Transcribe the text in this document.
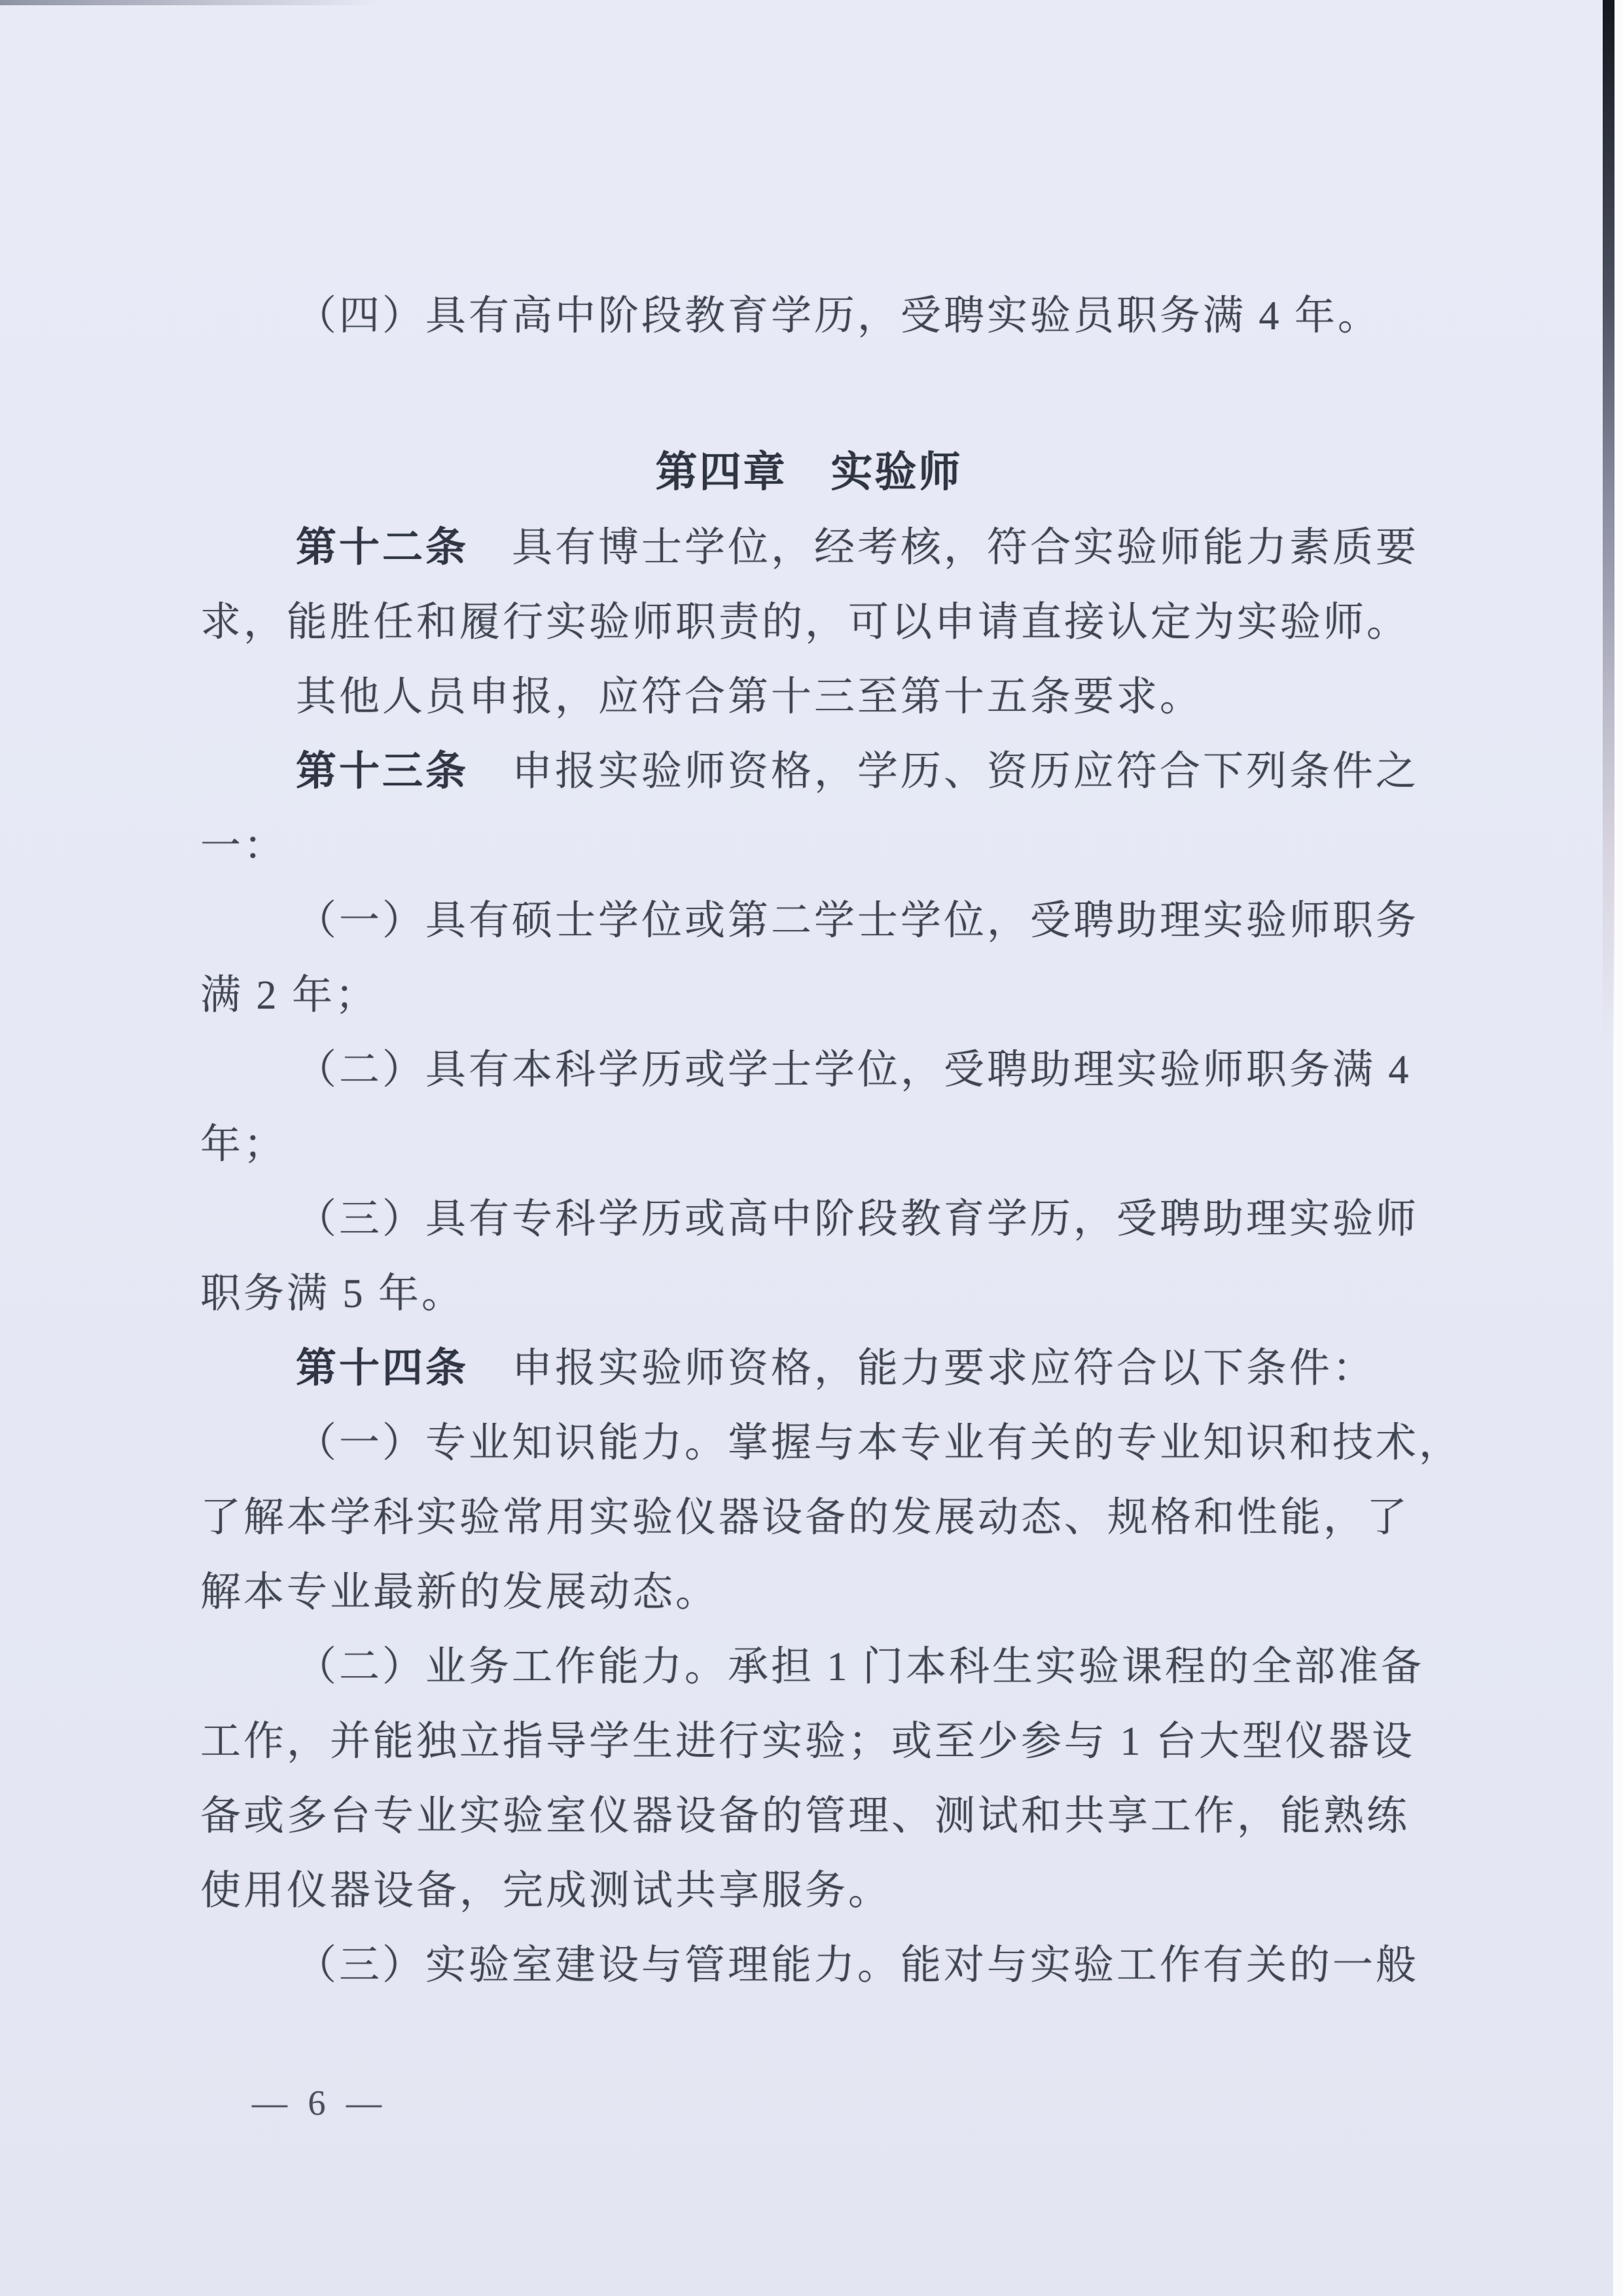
（四）具有高中阶段教育学历，受聘实验员职务满 4 年。
第四章　实验师
第十二条　具有博士学位，经考核，符合实验师能力素质要
求，能胜任和履行实验师职责的，可以申请直接认定为实验师。
其他人员申报，应符合第十三至第十五条要求。
第十三条　申报实验师资格，学历、资历应符合下列条件之
一：
（一）具有硕士学位或第二学士学位，受聘助理实验师职务
满 2 年；
（二）具有本科学历或学士学位，受聘助理实验师职务满 4
年；
（三）具有专科学历或高中阶段教育学历，受聘助理实验师
职务满 5 年。
第十四条　申报实验师资格，能力要求应符合以下条件：
（一）专业知识能力。掌握与本专业有关的专业知识和技术，
了解本学科实验常用实验仪器设备的发展动态、规格和性能，了
解本专业最新的发展动态。
（二）业务工作能力。承担 1 门本科生实验课程的全部准备
工作，并能独立指导学生进行实验；或至少参与 1 台大型仪器设
备或多台专业实验室仪器设备的管理、测试和共享工作，能熟练
使用仪器设备，完成测试共享服务。
（三）实验室建设与管理能力。能对与实验工作有关的一般
— 6 —
